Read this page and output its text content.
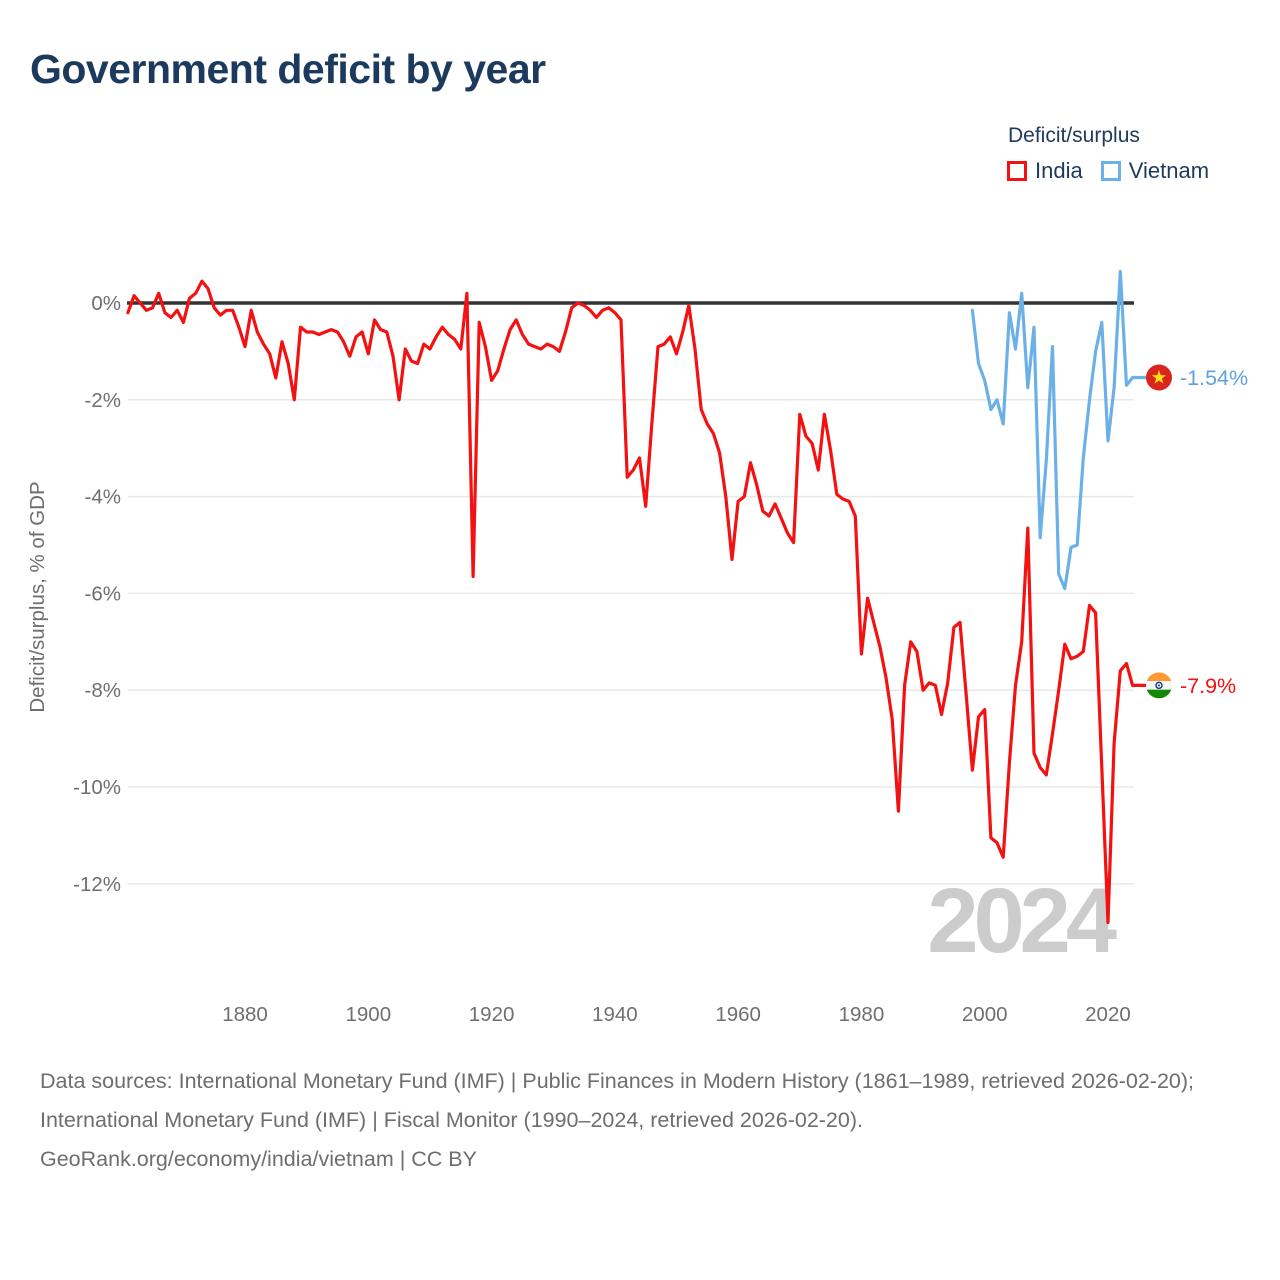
Government deficit by year
Deficit/surplus
India Vietnam
0%
-2%
-4%
-6%
-8%
-10%
-12%
1880	1900	1920	1940	1960	1980	2000	2020
Deficit/surplus, % of GDP
2024
-1.54%
-7.9%
Data sources: International Monetary Fund (IMF) | Public Finances in Modern History (1861–1989, retrieved 2026-02-20); International Monetary Fund (IMF) | Fiscal Monitor (1990–2024, retrieved 2026-02-20).
GeoRank.org/economy/india/vietnam | CC BY
